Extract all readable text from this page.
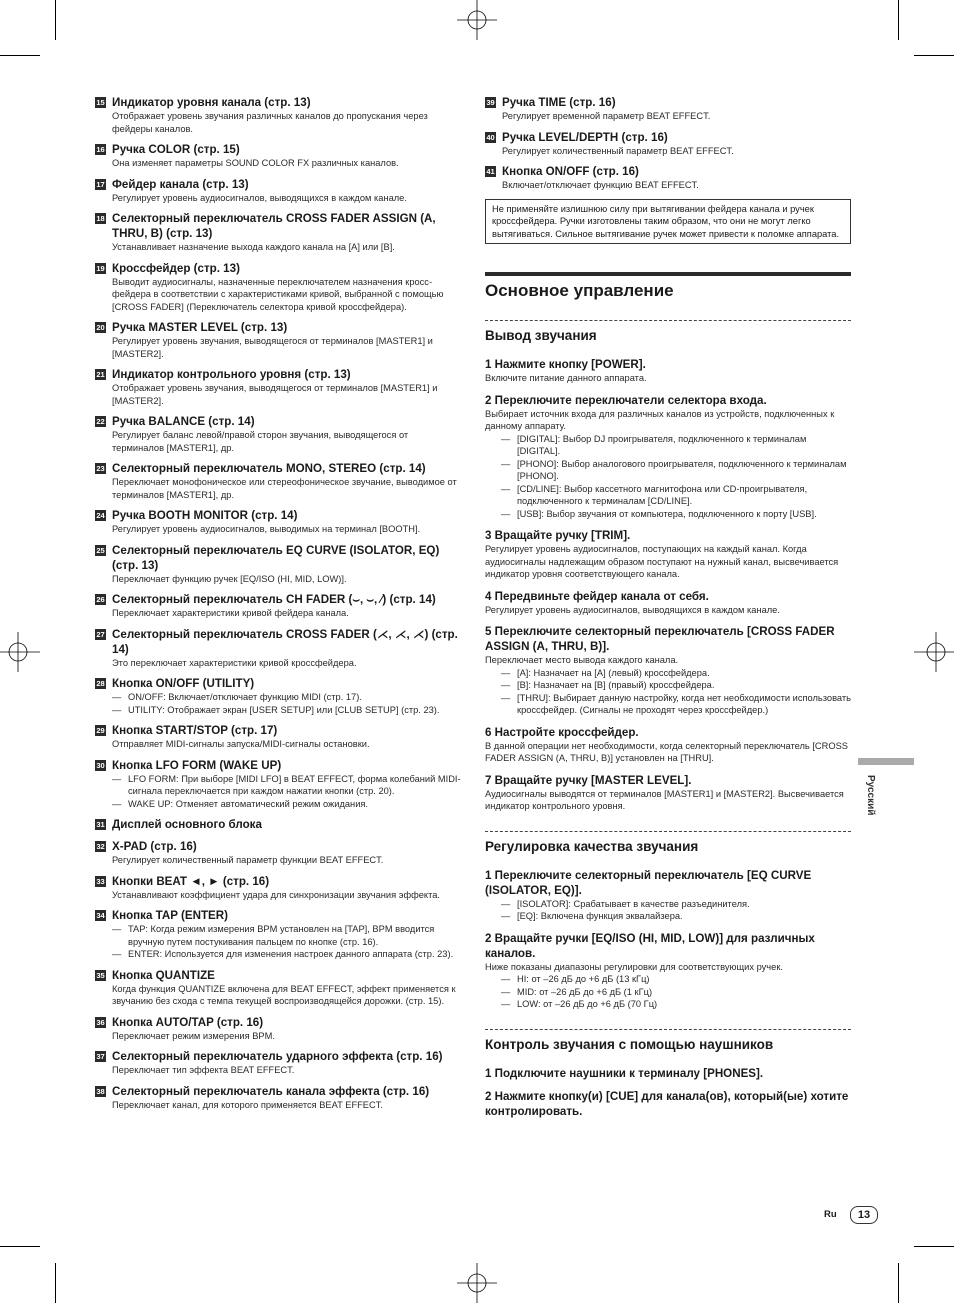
15 Индикатор уровня канала (стр. 13)
Отображает уровень звучания различных каналов до пропускания через фейдеры каналов.
16 Ручка COLOR (стр. 15)
Она изменяет параметры SOUND COLOR FX различных каналов.
17 Фейдер канала (стр. 13)
Регулирует уровень аудиосигналов, выводящихся в каждом канале.
18 Селекторный переключатель CROSS FADER ASSIGN (A, THRU, B) (стр. 13)
Устанавливает назначение выхода каждого канала на [A] или [B].
19 Кроссфейдер (стр. 13)
Выводит аудиосигналы, назначенные переключателем назначения кросс-фейдера в соответствии с характеристиками кривой, выбранной с помощью [CROSS FADER] (Переключатель селектора кривой кроссфейдера).
20 Ручка MASTER LEVEL (стр. 13)
Регулирует уровень звучания, выводящегося от терминалов [MASTER1] и [MASTER2].
21 Индикатор контрольного уровня (стр. 13)
Отображает уровень звучания, выводящегося от терминалов [MASTER1] и [MASTER2].
22 Ручка BALANCE (стр. 14)
Регулирует баланс левой/правой сторон звучания, выводящегося от терминалов [MASTER1], др.
23 Селекторный переключатель MONO, STEREO (стр. 14)
Переключает монофоническое или стереофоническое звучание, выводимое от терминалов [MASTER1], др.
24 Ручка BOOTH MONITOR (стр. 14)
Регулирует уровень аудиосигналов, выводимых на терминал [BOOTH].
25 Селекторный переключатель EQ CURVE (ISOLATOR, EQ) (стр. 13)
Переключает функцию ручек [EQ/ISO (HI, MID, LOW)].
26 Селекторный переключатель CH FADER (⌣, ⌣, ⁄) (стр. 14)
Переключает характеристики кривой фейдера канала.
27 Селекторный переключатель CROSS FADER (⋌, ⋌, ⋌) (стр. 14)
Это переключает характеристики кривой кроссфейдера.
28 Кнопка ON/OFF (UTILITY)
— ON/OFF: Включает/отключает функцию MIDI (стр. 17).
— UTILITY: Отображает экран [USER SETUP] или [CLUB SETUP] (стр. 23).
29 Кнопка START/STOP (стр. 17)
Отправляет MIDI-сигналы запуска/MIDI-сигналы остановки.
30 Кнопка LFO FORM (WAKE UP)
— LFO FORM: При выборе [MIDI LFO] в BEAT EFFECT, форма колебаний MIDI-сигнала переключается при каждом нажатии кнопки (стр. 20).
— WAKE UP: Отменяет автоматический режим ожидания.
31 Дисплей основного блока
32 X-PAD (стр. 16)
Регулирует количественный параметр функции BEAT EFFECT.
33 Кнопки BEAT ◄, ► (стр. 16)
Устанавливают коэффициент удара для синхронизации звучания эффекта.
34 Кнопка TAP (ENTER)
— TAP: Когда режим измерения BPM установлен на [TAP], BPM вводится вручную путем постукивания пальцем по кнопке (стр. 16).
— ENTER: Используется для изменения настроек данного аппарата (стр. 23).
35 Кнопка QUANTIZE
Когда функция QUANTIZE включена для BEAT EFFECT, эффект применяется к звучанию без схода с темпа текущей воспроизводящейся дорожки. (стр. 15).
36 Кнопка AUTO/TAP (стр. 16)
Переключает режим измерения BPM.
37 Селекторный переключатель ударного эффекта (стр. 16)
Переключает тип эффекта BEAT EFFECT.
38 Селекторный переключатель канала эффекта (стр. 16)
Переключает канал, для которого применяется BEAT EFFECT.
39 Ручка TIME (стр. 16)
Регулирует временной параметр BEAT EFFECT.
40 Ручка LEVEL/DEPTH (стр. 16)
Регулирует количественный параметр BEAT EFFECT.
41 Кнопка ON/OFF (стр. 16)
Включает/отключает функцию BEAT EFFECT.
Не применяйте излишнюю силу при вытягивании фейдера канала и ручек кроссфейдера. Ручки изготовлены таким образом, что они не могут легко вытягиваться. Сильное вытягивание ручек может привести к поломке аппарата.
Основное управление
Вывод звучания
1 Нажмите кнопку [POWER].
Включите питание данного аппарата.
2 Переключите переключатели селектора входа.
Выбирает источник входа для различных каналов из устройств, подключенных к данному аппарату.
— [DIGITAL]: Выбор DJ проигрывателя, подключенного к терминалам [DIGITAL].
— [PHONO]: Выбор аналогового проигрывателя, подключенного к терминалам [PHONO].
— [CD/LINE]: Выбор кассетного магнитофона или CD-проигрывателя, подключенного к терминалам [CD/LINE].
— [USB]: Выбор звучания от компьютера, подключенного к порту [USB].
3 Вращайте ручку [TRIM].
Регулирует уровень аудиосигналов, поступающих на каждый канал. Когда аудиосигналы надлежащим образом поступают на нужный канал, высвечивается индикатор уровня соответствующего канала.
4 Передвиньте фейдер канала от себя.
Регулирует уровень аудиосигналов, выводящихся в каждом канале.
5 Переключите селекторный переключатель [CROSS FADER ASSIGN (A, THRU, B)].
Переключает место вывода каждого канала.
— [A]: Назначает на [A] (левый) кроссфейдера.
— [B]: Назначает на [B] (правый) кроссфейдера.
— [THRU]: Выбирает данную настройку, когда нет необходимости использовать кроссфейдер. (Сигналы не проходят через кроссфейдер.)
6 Настройте кроссфейдер.
В данной операции нет необходимости, когда селекторный переключатель [CROSS FADER ASSIGN (A, THRU, B)] установлен на [THRU].
7 Вращайте ручку [MASTER LEVEL].
Аудиосигналы выводятся от терминалов [MASTER1] и [MASTER2]. Высвечивается индикатор контрольного уровня.
Регулировка качества звучания
1 Переключите селекторный переключатель [EQ CURVE (ISOLATOR, EQ)].
— [ISOLATOR]: Срабатывает в качестве разъединителя.
— [EQ]: Включена функция эквалайзера.
2 Вращайте ручки [EQ/ISO (HI, MID, LOW)] для различных каналов.
Ниже показаны диапазоны регулировки для соответствующих ручек.
— HI: от –26 дБ до +6 дБ (13 кГц)
— MID: от –26 дБ до +6 дБ (1 кГц)
— LOW: от –26 дБ до +6 дБ (70 Гц)
Контроль звучания с помощью наушников
1 Подключите наушники к терминалу [PHONES].
2 Нажмите кнопку(и) [CUE] для канала(ов), который(ые) хотите контролировать.
Русский
Ru	13
